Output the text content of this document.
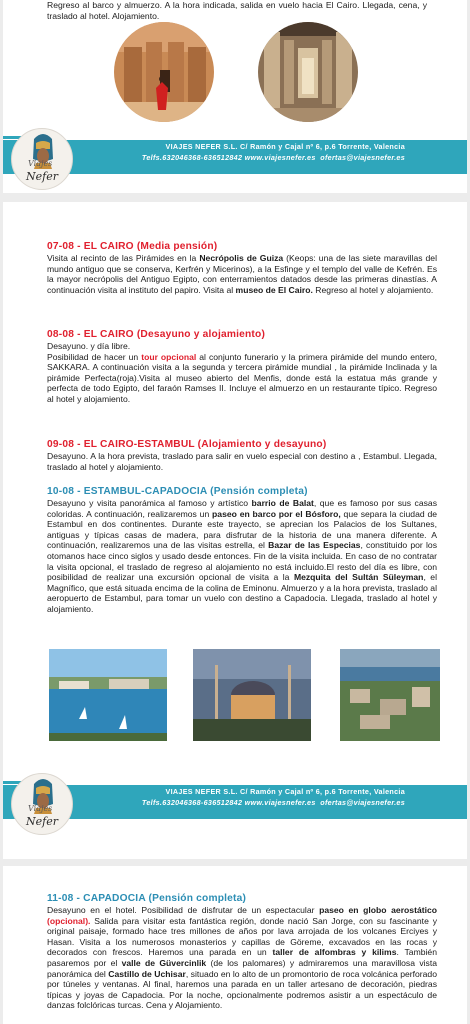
Regreso al barco y almuerzo. A la hora indicada, salida en vuelo hacia El Cairo. Llegada, cena, y traslado al hotel. Alojamiento.

Viajes
Nefer
VIAJES NEFER S.L. C/ Ramón y Cajal nº 6, p.6 Torrente, Valencia
Telfs.632046368-636512842 www.viajesnefer.es ofertas@viajesnefer.es
07-08 - EL CAIRO (Media pensión)

Visita al recinto de las Pirámides en la Necrópolis de Guiza (Keops: una de las siete maravillas del mundo antiguo que se conserva, Kerfrén y Micerinos), a la Esfinge y el templo del valle de Kefrén. Es la mayor necrópolis del Antiguo Egipto, con enterramientos datados desde las primeras dinastías. A continuación visita al instituto del papiro. Visita al museo de El Cairo. Regreso al hotel y alojamiento.

08-08 - EL CAIRO (Desayuno y alojamiento)

Desayuno. y día libre.

Posibilidad de hacer un tour opcional al conjunto funerario y la primera pirámide del mundo entero, SAKKARA. A continuación visita a la segunda y tercera pirámide mundial , la pirámide Inclinada y la pirámide Perfecta(roja).Visita al museo abierto del Menfis, donde está la estatua más grande y perfecta de todo Egipto, del faraón Ramses II. Incluye el almuerzo en un restaurante típico. Regreso al hotel y alojamiento.

09-08 - EL CAIRO-ESTAMBUL (Alojamiento y desayuno)

Desayuno. A la hora prevista, traslado para salir en vuelo especial con destino a , Estambul. Llegada, traslado al hotel y alojamiento.

10-08 - ESTAMBUL-CAPADOCIA (Pensión completa)

Desayuno y visita panorámica al famoso y artístico barrio de Balat, que es famoso por sus casas coloridas. A continuación, realizaremos un paseo en barco por el Bósforo, que separa la ciudad de Estambul en dos continentes. Durante este trayecto, se aprecian los Palacios de los Sultanes, antiguas y típicas casas de madera, para disfrutar de la historia de una manera diferente. A continuación, realizaremos una de las visitas estrella, el Bazar de las Especias, constituido por los otomanos hace cinco siglos y usado desde entonces. Fin de la visita incluida. En caso de no contratar la visita opcional, el traslado de regreso al alojamiento no está incluido.El resto del día es libre, con posibilidad de realizar una excursión opcional de visita a la Mezquita del Sultán Süleyman, el Magnífico, que está situada encima de la colina de Eminonu. Almuerzo y a la hora prevista, traslado al aeropuerto de Estambul, para tomar un vuelo con destino a Capadocia. Llegada, traslado al hotel y alojamiento.

Viajes
Nefer
VIAJES NEFER S.L. C/ Ramón y Cajal nº 6, p.6 Torrente, Valencia
Telfs.632046368-636512842 www.viajesnefer.es ofertas@viajesnefer.es
11-08 - CAPADOCIA (Pensión completa)

Desayuno en el hotel. Posibilidad de disfrutar de un espectacular paseo en globo aerostático (opcional). Salida para visitar esta fantástica región, donde nació San Jorge, con su fascinante y original paisaje, formado hace tres millones de años por lava arrojada de los volcanes Erciyes y Hasan. Visita a los numerosos monasterios y capillas de Göreme, excavados en las rocas y decorados con frescos. Haremos una parada en un taller de alfombras y kilims. También pasaremos por el valle de Güvercinlik (de los palomares) y admiraremos una maravillosa vista panorámica del Castillo de Uchisar, situado en lo alto de un promontorio de roca volcánica perforado por túneles y ventanas. Al final, haremos una parada en un taller artesano de decoración, piedras típicas y joyas de Capadocia. Por la noche, opcionalmente podremos asistir a un espectáculo de danzas folclóricas turcas. Cena y Alojamiento.
